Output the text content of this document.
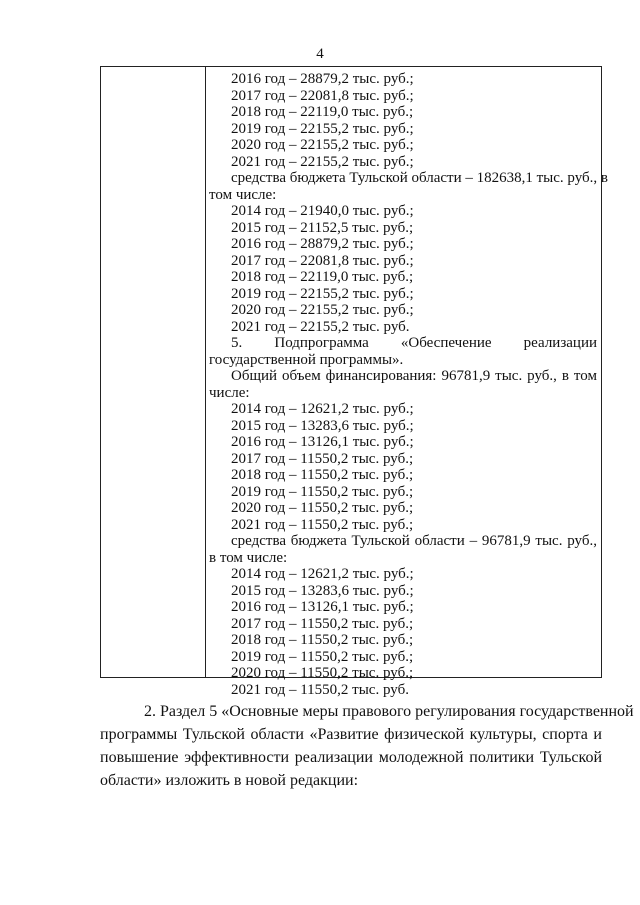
4
2016 год – 28879,2 тыс. руб.;
2017 год – 22081,8 тыс. руб.;
2018 год – 22119,0 тыс. руб.;
2019 год – 22155,2 тыс. руб.;
2020 год – 22155,2 тыс. руб.;
2021 год – 22155,2 тыс. руб.;
средства бюджета Тульской области – 182638,1 тыс. руб., в
том числе:
2014 год – 21940,0 тыс. руб.;
2015 год – 21152,5 тыс. руб.;
2016 год – 28879,2 тыс. руб.;
2017 год – 22081,8 тыс. руб.;
2018 год – 22119,0 тыс. руб.;
2019 год – 22155,2 тыс. руб.;
2020 год – 22155,2 тыс. руб.;
2021 год – 22155,2 тыс. руб.
5. Подпрограмма «Обеспечение реализации
государственной программы».
Общий объем финансирования: 96781,9 тыс. руб., в том
числе:
2014 год – 12621,2 тыс. руб.;
2015 год – 13283,6 тыс. руб.;
2016 год – 13126,1 тыс. руб.;
2017 год – 11550,2 тыс. руб.;
2018 год – 11550,2 тыс. руб.;
2019 год – 11550,2 тыс. руб.;
2020 год – 11550,2 тыс. руб.;
2021 год – 11550,2 тыс. руб.;
средства бюджета Тульской области – 96781,9 тыс. руб.,
в том числе:
2014 год – 12621,2 тыс. руб.;
2015 год – 13283,6 тыс. руб.;
2016 год – 13126,1 тыс. руб.;
2017 год – 11550,2 тыс. руб.;
2018 год – 11550,2 тыс. руб.;
2019 год – 11550,2 тыс. руб.;
2020 год – 11550,2 тыс. руб.;
2021 год – 11550,2 тыс. руб.
2. Раздел 5 «Основные меры правового регулирования государственной
программы Тульской области «Развитие физической культуры, спорта и
повышение эффективности реализации молодежной политики Тульской
области» изложить в новой редакции:
